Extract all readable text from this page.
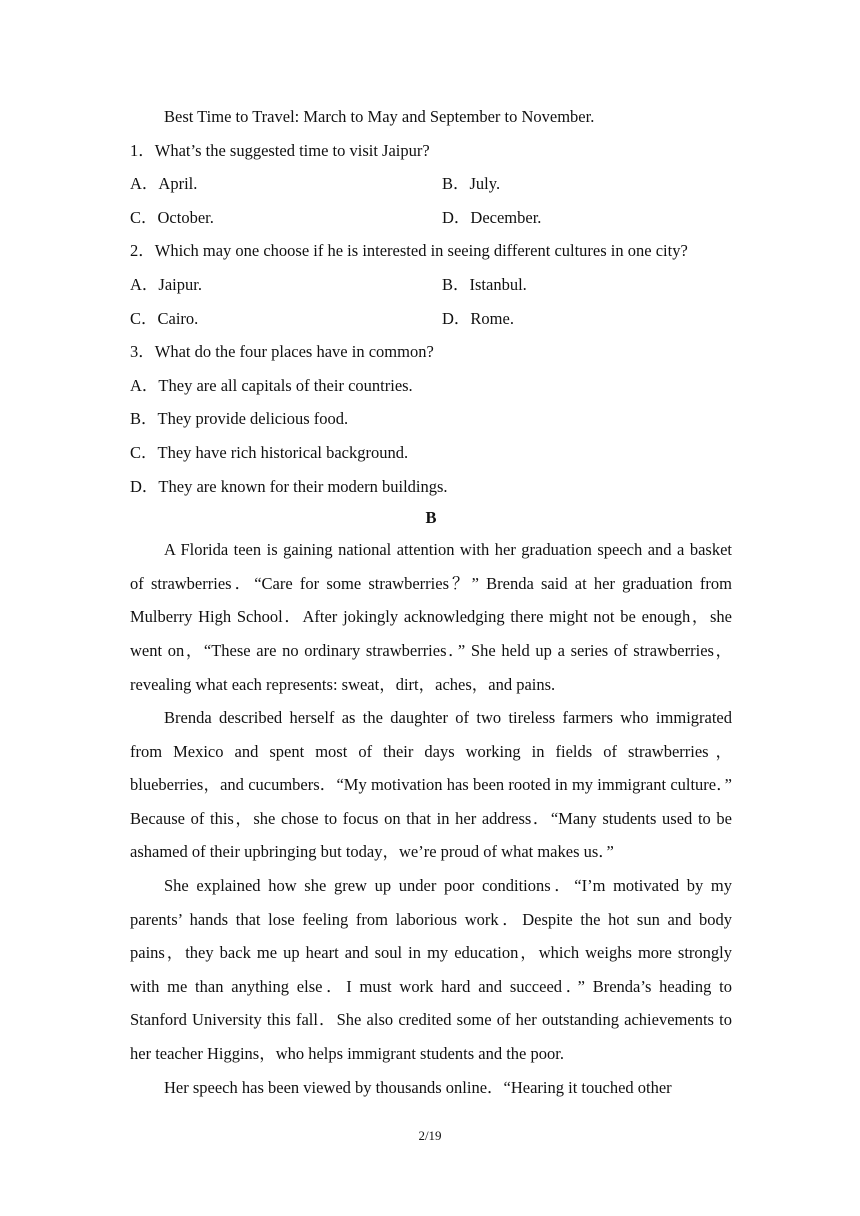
Best Time to Travel: March to May and September to November.
1．What’s the suggested time to visit Jaipur?
A．April.	B．July.
C．October.	D．December.
2．Which may one choose if he is interested in seeing different cultures in one city?
A．Jaipur.	B．Istanbul.
C．Cairo.	D．Rome.
3．What do the four places have in common?
A．They are all capitals of their countries.
B．They provide delicious food.
C．They have rich historical background.
D．They are known for their modern buildings.
B

A Florida teen is gaining national attention with her graduation speech and a basket of strawberries．“Care for some strawberries？” Brenda said at her graduation from Mulberry High School．After jokingly acknowledging there might not be enough，she went on，“These are no ordinary strawberries．” She held up a series of strawberries，revealing what each represents: sweat，dirt，aches，and pains.

Brenda described herself as the daughter of two tireless farmers who immigrated from Mexico and spent most of their days working in fields of strawberries，blueberries，and cucumbers．“My motivation has been rooted in my immigrant culture．” Because of this，she chose to focus on that in her address．“Many students used to be ashamed of their upbringing but today，we’re proud of what makes us．”

She explained how she grew up under poor conditions．“I’m motivated by my parents’ hands that lose feeling from laborious work．Despite the hot sun and body pains，they back me up heart and soul in my education，which weighs more strongly with me than anything else．I must work hard and succeed．” Brenda’s heading to Stanford University this fall．She also credited some of her outstanding achievements to her teacher Higgins，who helps immigrant students and the poor.

Her speech has been viewed by thousands online．“Hearing it touched other

2/19
